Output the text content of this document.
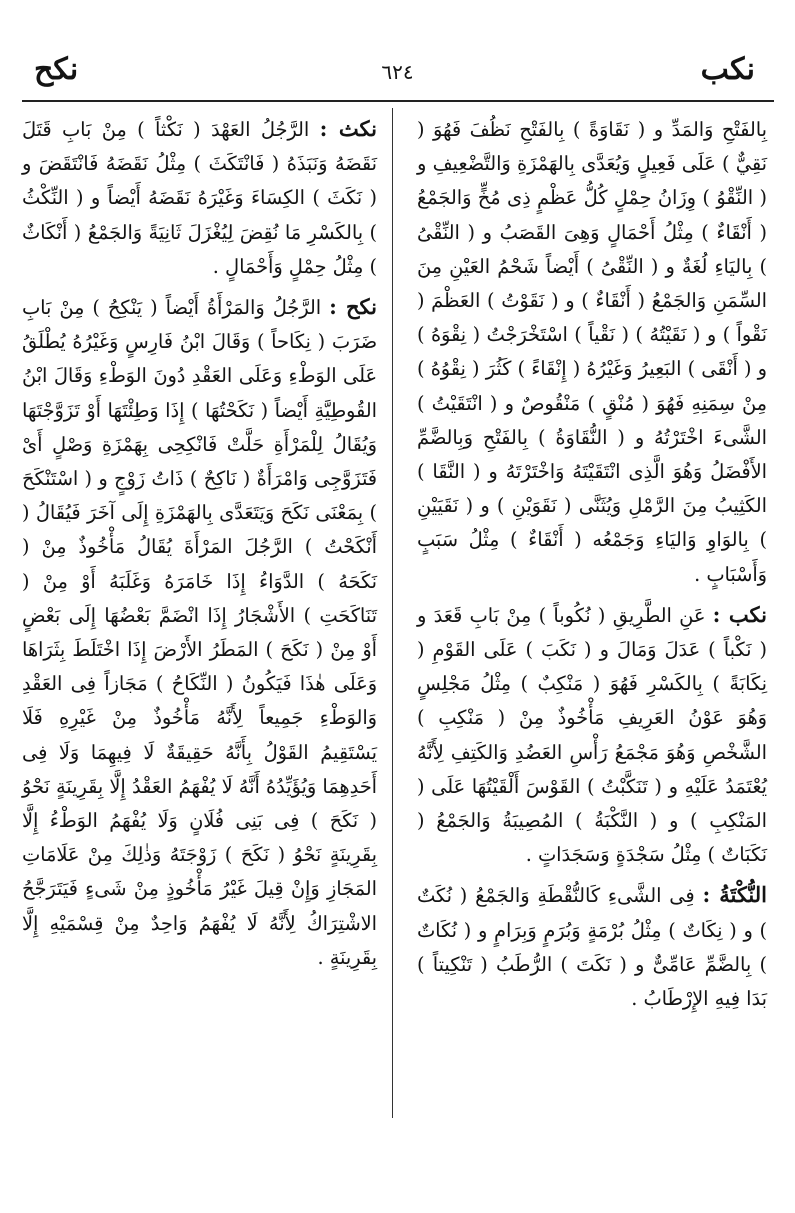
نكب
٦٢٤
نكح

بِالفَتْحِ وَالمَدِّ و ( نَقَاوَةً ) بِالفَتْحِ نَظُفَ فَهُوَ ( نَقِيٌّ ) عَلَى فَعِيلٍ وَيُعَدَّى بِالهَمْزَةِ وَالتَّضْعِيفِ و ( النِّقْوُ ) وِزَانُ حِمْلٍ كُلُّ عَظْمٍ ذِى مُخٍّ وَالجَمْعُ ( أَنْقَاءٌ ) مِثْلُ أَحْمَالٍ وَهِىَ القَصَبُ و ( النِّقْىُ ) بِاليَاءِ لُغَةٌ و ( النِّقْىُ ) أَيْضاً شَحْمُ العَيْنِ مِنَ السِّمَنِ وَالجَمْعُ ( أَنْقَاءٌ ) و ( نَقَوْتُ ) العَظْمَ ( نَقْواً ) و ( نَقَيْتُهُ ) ( نَقْياً ) اسْتَخْرَجْتُ ( نِقْوَهُ ) و ( أَنْقَى ) البَعِيرُ وَغَيْرُهُ ( إِنْقَاءً ) كَثُرَ ( نِقْوُهُ ) مِنْ سِمَنِهِ فَهُوَ ( مُنْقٍ ) مَنْقُوصٌ و ( انْتَقَيْتُ ) الشَّىءَ اخْتَرْتُهُ و ( النُّقَاوَةُ ) بِالفَتْحِ وَبِالضَّمِّ الأَفْضَلُ وَهُوَ الَّذِى انْتَقَيْتَهُ وَاخْتَرْتَهُ و ( النَّقَا ) الكَثِيبُ مِنَ الرَّمْلِ وَيُثَنَّى ( نَقَوَيْنِ ) و ( نَقَيَيْنِ ) بِالوَاوِ وَاليَاءِ وَجَمْعُه ( أَنْقَاءٌ ) مِثْلُ سَبَبٍ وَأَسْبَابٍ .

نكب : عَنِ الطَّرِيقِ ( نُكُوباً ) مِنْ بَابِ قَعَدَ و ( نَكْباً ) عَدَلَ وَمَالَ و ( نَكَبَ ) عَلَى القَوْمِ ( نِكَابَةً ) بِالكَسْرِ فَهُوَ ( مَنْكِبٌ ) مِثْلُ مَجْلِسٍ وَهُوَ عَوْنُ العَرِيفِ مَأْخُوذٌ مِنْ ( مَنْكِبِ ) الشَّخْصِ وَهُوَ مَجْمَعُ رَأْسِ العَضُدِ وَالكَتِفِ لِأَنَّهُ يُعْتَمَدُ عَلَيْهِ و ( تَنَكَّبْتُ ) القَوْسَ أَلْقَيْتُهَا عَلَى ( المَنْكِبِ ) و ( النَّكْبَةُ ) المُصِيبَةُ وَالجَمْعُ ( نَكَبَاتٌ ) مِثْلُ سَجْدَةٍ وَسَجَدَاتٍ .

النُّكْتَةُ : فِى الشَّىءِ كَالنُّقْطَةِ وَالجَمْعُ ( نُكَتٌ ) و ( نِكَاتٌ ) مِثْلُ بُرْمَةٍ وَبُرَمٍ وَبِرَامٍ و ( نُكَاتٌ ) بِالضَّمِّ عَامِّىٌّ و ( نَكَتَ ) الرُّطَبُ ( تَنْكِيتاً ) بَدَا فِيهِ الإِرْطَابُ .

نكث : الرَّجُلُ العَهْدَ ( نَكْثاً ) مِنْ بَابِ قَتَلَ نَقَضَهُ وَنَبَذَهُ ( فَانْتَكَثَ ) مِثْلُ نَقَضَهُ فَانْتَقَضَ و ( نَكَثَ ) الكِسَاءَ وَغَيْرَهُ نَقَضَهُ أَيْضاً و ( النِّكْثُ ) بِالكَسْرِ مَا نُقِضَ لِيُغْزَلَ ثَانِيَةً وَالجَمْعُ ( أَنْكَاثٌ ) مِثْلُ حِمْلٍ وَأَحْمَالٍ .

نكح : الرَّجُلُ وَالمَرْأَةُ أَيْضاً ( يَنْكِحُ ) مِنْ بَابِ ضَرَبَ ( نِكَاحاً ) وَقَالَ ابْنُ فَارِسٍ وَغَيْرُهُ يُطْلَقُ عَلَى الوَطْءِ وَعَلَى العَقْدِ دُونَ الوَطْءِ وَقَالَ ابْنُ القُوطِيَّةِ أَيْضاً ( نَكَحْتُهَا ) إِذَا وَطِئْتَهَا أَوْ تَزَوَّجْتَهَا وَيُقَالُ لِلْمَرْأَةِ حَلَّتْ فَانْكِحِى بِهَمْزَةِ وَصْلٍ أَىْ فَتَزَوَّجِى وَامْرَأَةٌ ( نَاكِحٌ ) ذَاتُ زَوْجٍ و ( اسْتَنْكَحَ ) بِمَعْنَى نَكَحَ وَيَتَعَدَّى بِالهَمْزَةِ إِلَى آخَرَ فَيُقَالُ ( أَنْكَحْتُ ) الرَّجُلَ المَرْأَةَ يُقَالُ مَأْخُوذٌ مِنْ ( نَكَحَهُ ) الدَّوَاءُ إِذَا خَامَرَهُ وَغَلَبَهُ أَوْ مِنْ ( تَنَاكَحَتِ ) الأَشْجَارُ إِذَا انْضَمَّ بَعْضُهَا إِلَى بَعْضٍ أَوْ مِنْ ( نَكَحَ ) المَطَرُ الأَرْضَ إِذَا اخْتَلَطَ بِثَرَاهَا وَعَلَى هٰذَا فَيَكُونُ ( النِّكَاحُ ) مَجَازاً فِى العَقْدِ وَالوَطْءِ جَمِيعاً لِأَنَّهُ مَأْخُوذٌ مِنْ غَيْرِهِ فَلَا يَسْتَقِيمُ القَوْلُ بِأَنَّهُ حَقِيقَةٌ لَا فِيهِمَا وَلَا فِى أَحَدِهِمَا وَيُؤَيِّدُهُ أَنَّهُ لَا يُفْهَمُ العَقْدُ إِلَّا بِقَرِينَةٍ نَحْوُ ( نَكَحَ ) فِى بَنِى فُلَانٍ وَلَا يُفْهَمُ الوَطْءُ إِلَّا بِقَرِينَةٍ نَحْوُ ( نَكَحَ ) زَوْجَتَهُ وَذٰلِكَ مِنْ عَلَامَاتِ المَجَازِ وَإِنْ قِيلَ غَيْرُ مَأْخُوذٍ مِنْ شَىءٍ فَيَتَرَجَّحُ الاشْتِرَاكُ لِأَنَّهُ لَا يُفْهَمُ وَاحِدٌ مِنْ قِسْمَيْهِ إِلَّا بِقَرِينَةٍ .
